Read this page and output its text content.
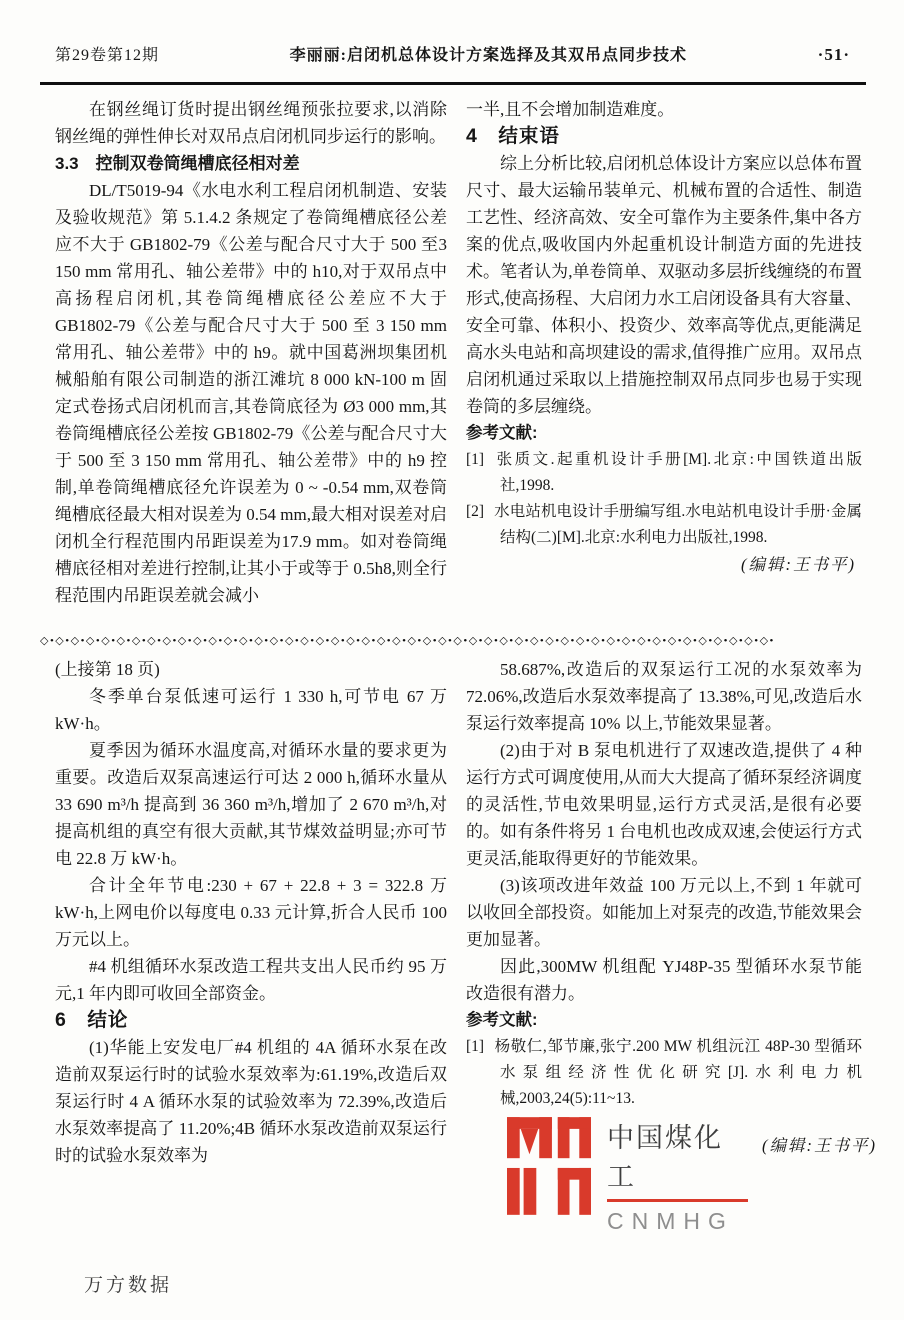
第29卷第12期	李丽丽:启闭机总体设计方案选择及其双吊点同步技术	·51·

在钢丝绳订货时提出钢丝绳预张拉要求,以消除钢丝绳的弹性伸长对双吊点启闭机同步运行的影响。

3.3　控制双卷筒绳槽底径相对差

DL/T5019-94《水电水利工程启闭机制造、安装及验收规范》第 5.1.4.2 条规定了卷筒绳槽底径公差应不大于 GB1802-79《公差与配合尺寸大于 500 至3 150 mm 常用孔、轴公差带》中的 h10,对于双吊点中高扬程启闭机,其卷筒绳槽底径公差应不大于 GB1802-79《公差与配合尺寸大于 500 至 3 150 mm 常用孔、轴公差带》中的 h9。就中国葛洲坝集团机械船舶有限公司制造的浙江滩坑 8 000 kN-100 m 固定式卷扬式启闭机而言,其卷筒底径为 Ø3 000 mm,其卷筒绳槽底径公差按 GB1802-79《公差与配合尺寸大于 500 至 3 150 mm 常用孔、轴公差带》中的 h9 控制,单卷筒绳槽底径允许误差为 0 ~ -0.54 mm,双卷筒绳槽底径最大相对误差为 0.54 mm,最大相对误差对启闭机全行程范围内吊距误差为17.9 mm。如对卷筒绳槽底径相对差进行控制,让其小于或等于 0.5h8,则全行程范围内吊距误差就会减小

一半,且不会增加制造难度。

4　结束语

综上分析比较,启闭机总体设计方案应以总体布置尺寸、最大运输吊装单元、机械布置的合适性、制造工艺性、经济高效、安全可靠作为主要条件,集中各方案的优点,吸收国内外起重机设计制造方面的先进技术。笔者认为,单卷筒单、双驱动多层折线缠绕的布置形式,使高扬程、大启闭力水工启闭设备具有大容量、安全可靠、体积小、投资少、效率高等优点,更能满足高水头电站和高坝建设的需求,值得推广应用。双吊点启闭机通过采取以上措施控制双吊点同步也易于实现卷筒的多层缠绕。

参考文献:

[1] 张质文.起重机设计手册[M].北京:中国铁道出版社,1998.

[2] 水电站机电设计手册编写组.水电站机电设计手册·金属结构(二)[M].北京:水利电力出版社,1998.

(编辑:王书平)

◇•◇•◇•◇•◇•◇•◇•◇•◇•◇•◇•◇•◇•◇•◇•◇•◇•◇•◇•◇•◇•◇•◇•◇•◇•◇•◇•◇•◇•◇•◇•◇•◇•◇•◇•◇•◇•◇•◇•◇•◇•◇•◇•◇•◇•◇•◇•◇•

(上接第 18 页)

冬季单台泵低速可运行 1 330 h,可节电 67 万 kW·h。

夏季因为循环水温度高,对循环水量的要求更为重要。改造后双泵高速运行可达 2 000 h,循环水量从 33 690 m³/h 提高到 36 360 m³/h,增加了 2 670 m³/h,对提高机组的真空有很大贡献,其节煤效益明显;亦可节电 22.8 万 kW·h。

合计全年节电:230 + 67 + 22.8 + 3 = 322.8 万 kW·h,上网电价以每度电 0.33 元计算,折合人民币 100 万元以上。

#4 机组循环水泵改造工程共支出人民币约 95 万元,1 年内即可收回全部资金。

6　结论

(1)华能上安发电厂#4 机组的 4A 循环水泵在改造前双泵运行时的试验水泵效率为:61.19%,改造后双泵运行时 4 A 循环水泵的试验效率为 72.39%,改造后水泵效率提高了 11.20%;4B 循环水泵改造前双泵运行时的试验水泵效率为

58.687%,改造后的双泵运行工况的水泵效率为 72.06%,改造后水泵效率提高了 13.38%,可见,改造后水泵运行效率提高 10% 以上,节能效果显著。

(2)由于对 B 泵电机进行了双速改造,提供了 4 种运行方式可调度使用,从而大大提高了循环泵经济调度的灵活性,节电效果明显,运行方式灵活,是很有必要的。如有条件将另 1 台电机也改成双速,会使运行方式更灵活,能取得更好的节能效果。

(3)该项改进年效益 100 万元以上,不到 1 年就可以收回全部投资。如能加上对泵壳的改造,节能效果会更加显著。

因此,300MW 机组配 YJ48P-35 型循环水泵节能改造很有潜力。

参考文献:

[1] 杨敬仁,邹节廉,张宁.200 MW 机组沅江 48P-30 型循环水泵组经济性优化研究[J].水利电力机械,2003,24(5):11~13.

中国煤化工
CNMHG
(编辑:王书平)
万方数据
